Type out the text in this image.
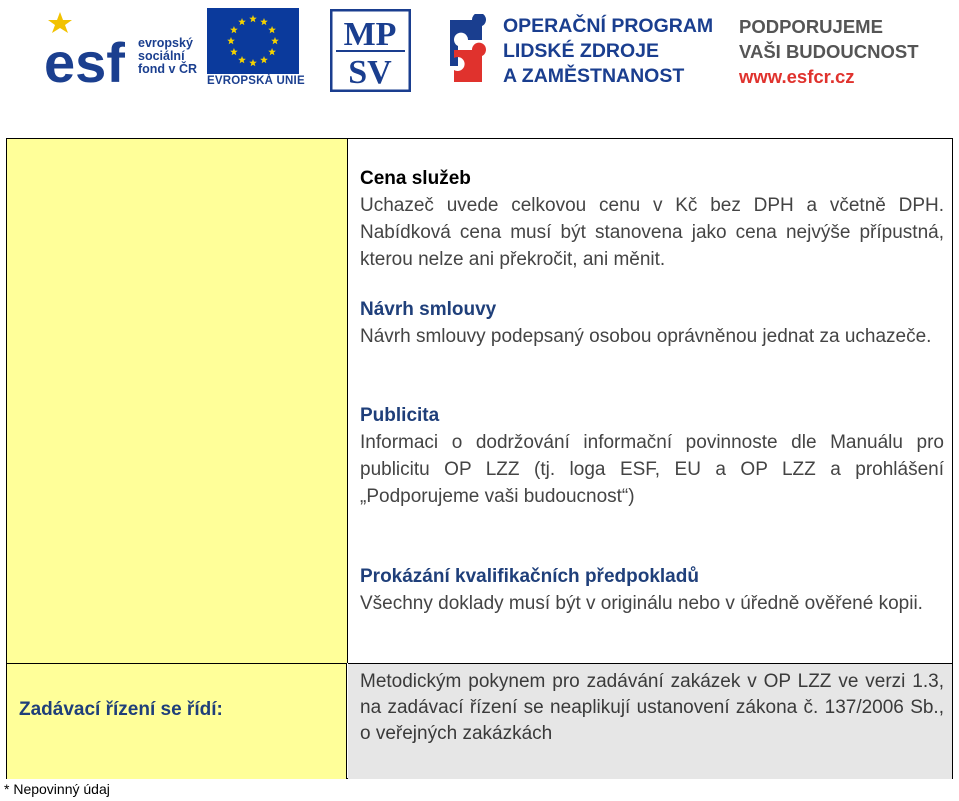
esf evropský
sociální
fond v ČR
EVROPSKÁ UNIE
MP
SV
OPERAČNÍ PROGRAM
LIDSKÉ ZDROJE
A ZAMĚSTNANOST
PODPORUJEME
VAŠI BUDOUCNOST
www.esfcr.cz
Cena služeb
Uchazeč uvede celkovou cenu v Kč bez DPH a včetně DPH. Nabídková cena musí být stanovena jako cena nejvýše přípustná, kterou nelze ani překročit, ani měnit.
Návrh smlouvy
Návrh smlouvy podepsaný osobou oprávněnou jednat za uchazeče.
Publicita
Informaci o dodržování informační povinnoste dle Manuálu pro publicitu OP LZZ (tj. loga ESF, EU a OP LZZ a prohlášení „Podporujeme vaši budoucnost“)
Prokázání kvalifikačních předpokladů
Všechny doklady musí být v originálu nebo v úředně ověřené kopii.
Zadávací řízení se řídí:
Metodickým pokynem pro zadávání zakázek v OP LZZ ve verzi 1.3, na zadávací řízení se neaplikují ustanovení zákona č. 137/2006 Sb., o veřejných zakázkách
* Nepovinný údaj
